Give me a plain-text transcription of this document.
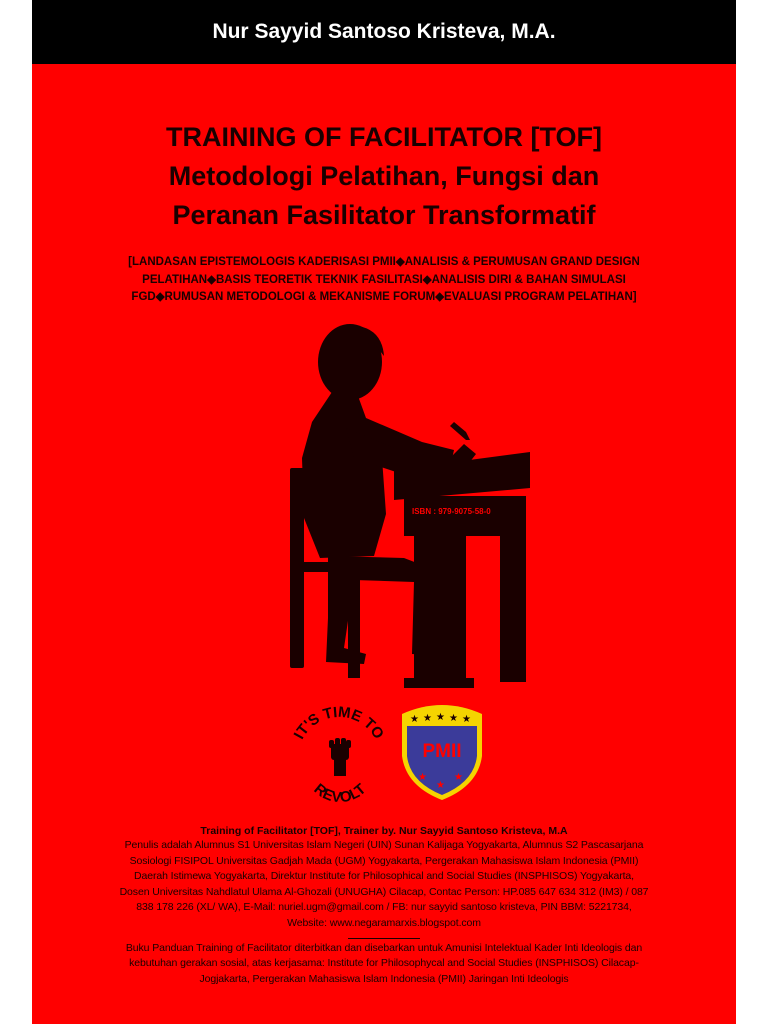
Nur Sayyid Santoso Kristeva, M.A.
TRAINING OF FACILITATOR [TOF]
Metodologi Pelatihan, Fungsi dan
Peranan Fasilitator Transformatif
[LANDASAN EPISTEMOLOGIS KADERISASI PMII◆ANALISIS & PERUMUSAN GRAND DESIGN PELATIHAN◆BASIS TEORETIK TEKNIK FASILITASI◆ANALISIS DIRI & BAHAN SIMULASI FGD◆RUMUSAN METODOLOGI & MEKANISME FORUM◆EVALUASI PROGRAM PELATIHAN]
ISBN : 979-9075-58-0
IT'S TIME TO
REVOLT
★ ★ ★ ★ ★
PMII
★
★
★
Training of Facilitator [TOF], Trainer by. Nur Sayyid Santoso Kristeva, M.A
Penulis adalah Alumnus S1 Universitas Islam Negeri (UIN) Sunan Kalijaga Yogyakarta, Alumnus S2 Pascasarjana Sosiologi FISIPOL Universitas Gadjah Mada (UGM) Yogyakarta, Pergerakan Mahasiswa Islam Indonesia (PMII) Daerah Istimewa Yogyakarta, Direktur Institute for Philosophical and Social Studies (INSPHISOS) Yogyakarta, Dosen Universitas Nahdlatul Ulama Al-Ghozali (UNUGHA) Cilacap, Contac Person: HP.085 647 634 312 (IM3) / 087 838 178 226 (XL/ WA), E-Mail: nuriel.ugm@gmail.com / FB: nur sayyid santoso kristeva, PIN BBM: 5221734, Website: www.negaramarxis.blogspot.com
Buku Panduan Training of Facilitator diterbitkan dan disebarkan untuk Amunisi Intelektual Kader Inti Ideologis dan kebutuhan gerakan sosial, atas kerjasama: Institute for Philosophycal and Social Studies (INSPHISOS) Cilacap-Jogjakarta, Pergerakan Mahasiswa Islam Indonesia (PMII) Jaringan Inti Ideologis
